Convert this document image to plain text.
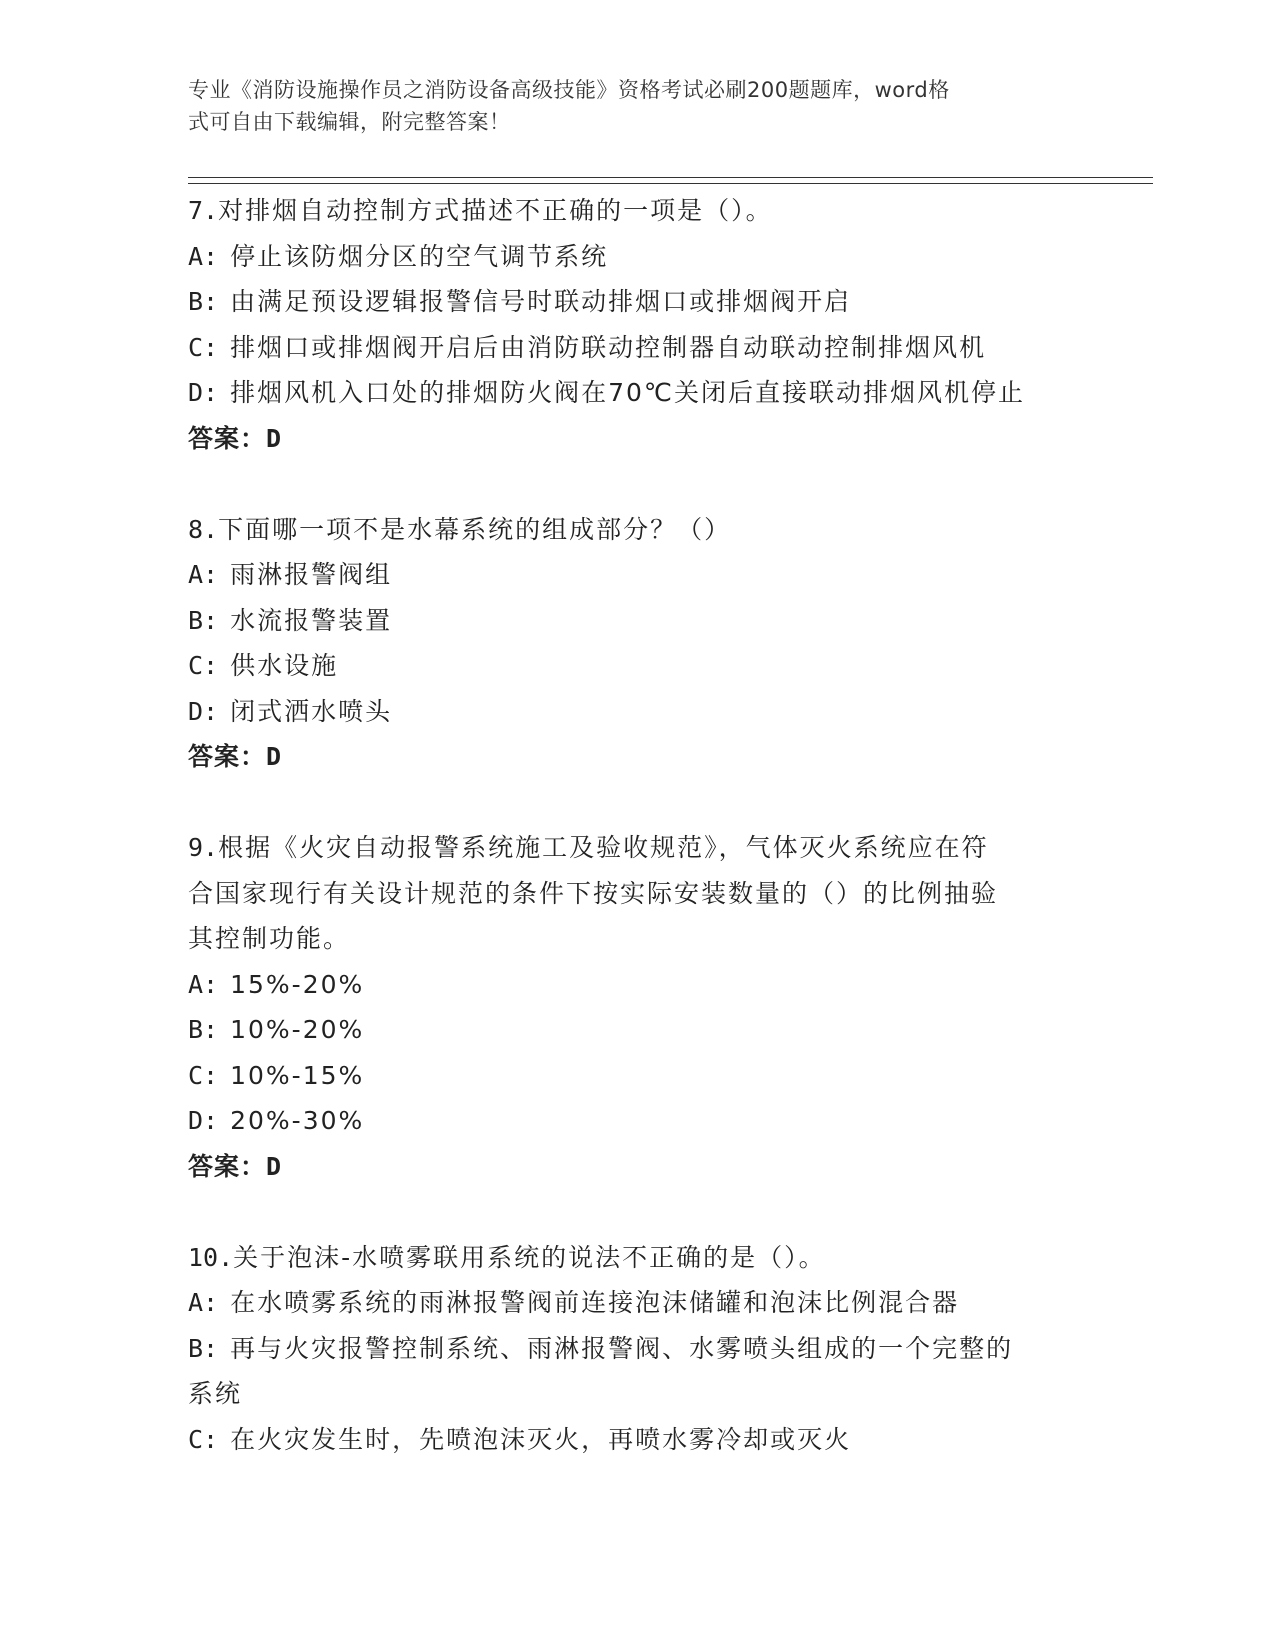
专业《消防设施操作员之消防设备高级技能》资格考试必刷200题题库，word格
式可自由下载编辑，附完整答案！
7.对排烟自动控制方式描述不正确的一项是（）。
A: 停止该防烟分区的空气调节系统
B: 由满足预设逻辑报警信号时联动排烟口或排烟阀开启
C: 排烟口或排烟阀开启后由消防联动控制器自动联动控制排烟风机
D: 排烟风机入口处的排烟防火阀在70℃关闭后直接联动排烟风机停止
答案：D
8.下面哪一项不是水幕系统的组成部分？（）
A: 雨淋报警阀组
B: 水流报警装置
C: 供水设施
D: 闭式洒水喷头
答案：D
9.根据《火灾自动报警系统施工及验收规范》，气体灭火系统应在符
合国家现行有关设计规范的条件下按实际安装数量的（）的比例抽验
其控制功能。
A: 15%-20%
B: 10%-20%
C: 10%-15%
D: 20%-30%
答案：D
10.关于泡沫-水喷雾联用系统的说法不正确的是（）。
A: 在水喷雾系统的雨淋报警阀前连接泡沫储罐和泡沫比例混合器
B: 再与火灾报警控制系统、雨淋报警阀、水雾喷头组成的一个完整的
系统
C: 在火灾发生时，先喷泡沫灭火，再喷水雾冷却或灭火
